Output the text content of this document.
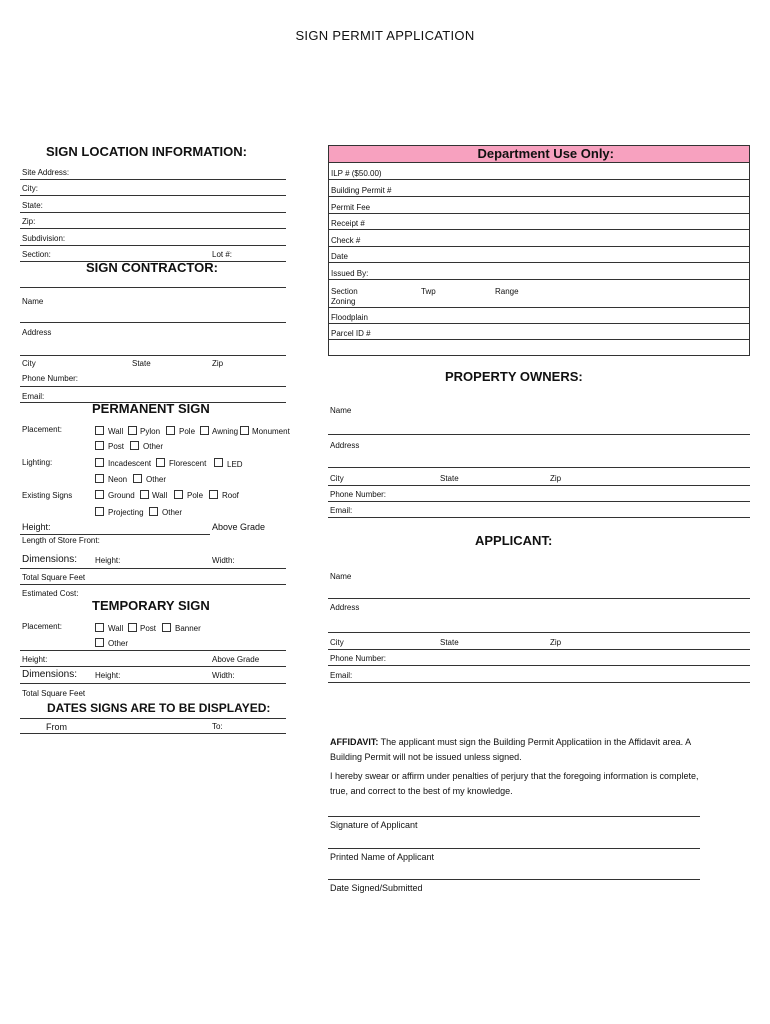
SIGN PERMIT APPLICATION
SIGN LOCATION INFORMATION:
Site Address:
City:
State:
Zip:
Subdivision:
Section:	Lot #:
Department Use Only:
ILP # ($50.00)
Building Permit #
Permit Fee
Receipt #
Check #
Date
Issued By:
Section	Twp	Range
Zoning
Floodplain
Parcel ID #
SIGN CONTRACTOR:
Name
Address
City	State	Zip
Phone Number:
Email:
PROPERTY OWNERS:
Name
Address
City	State	Zip
Phone Number:
Email:
PERMANENT SIGN
Placement:	Wall Pylon Pole Awning Monument
Post Other
Lighting:	Incadescent Florescent	LED
Neon Other
Existing Signs	Ground Wall Pole Roof
Projecting Other
Height:	Above Grade
Length of Store Front:
Dimensions: Height:	Width:
Total Square Feet
Estimated Cost:
APPLICANT:
Name
Address
City	State	Zip
Phone Number:
Email:
TEMPORARY SIGN
Placement:	Wall Post Banner
Other
Height:	Above Grade
Dimensions: Height:	Width:
Total Square Feet
DATES SIGNS ARE TO BE DISPLAYED:
From	To:
AFFIDAVIT: The applicant must sign the Building Permit Applicatiion in the Affidavit area. A Building Permit will not be issued unless signed.
I hereby swear or affirm under penalties of perjury that the foregoing information is complete, true, and correct to the best of my knowledge.
Signature of Applicant
Printed Name of Applicant
Date Signed/Submitted
